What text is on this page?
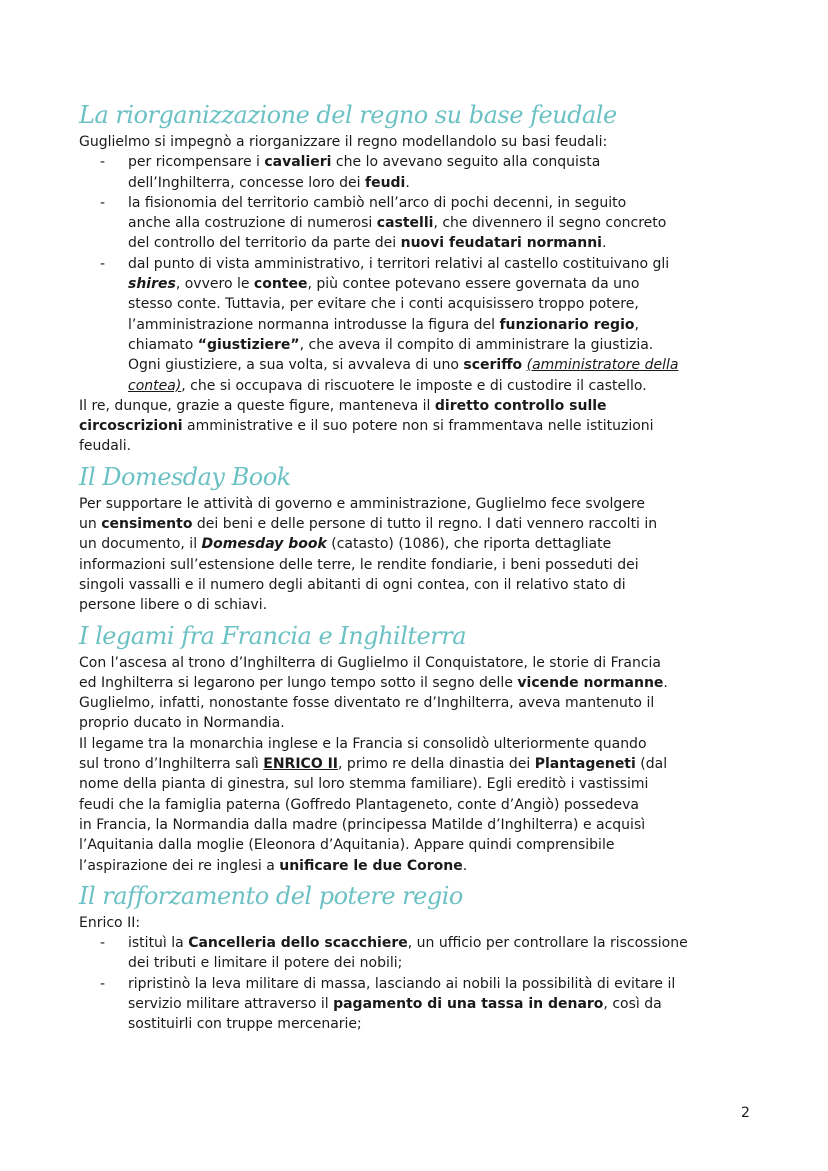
La riorganizzazione del regno su base feudale

Guglielmo si impegnò a riorganizzare il regno modellandolo su basi feudali:

- per ricompensare i cavalieri che lo avevano seguito alla conquista
dell’Inghilterra, concesse loro dei feudi.
- la fisionomia del territorio cambiò nell’arco di pochi decenni, in seguito
anche alla costruzione di numerosi castelli, che divennero il segno concreto
del controllo del territorio da parte dei nuovi feudatari normanni.
- dal punto di vista amministrativo, i territori relativi al castello costituivano gli
shires, ovvero le contee, più contee potevano essere governata da uno
stesso conte. Tuttavia, per evitare che i conti acquisissero troppo potere,
l’amministrazione normanna introdusse la figura del funzionario regio,
chiamato “giustiziere”, che aveva il compito di amministrare la giustizia.
Ogni giustiziere, a sua volta, si avvaleva di uno sceriffo (amministratore della
contea), che si occupava di riscuotere le imposte e di custodire il castello.

Il re, dunque, grazie a queste figure, manteneva il diretto controllo sulle
circoscrizioni amministrative e il suo potere non si frammentava nelle istituzioni
feudali.

Il Domesday Book

Per supportare le attività di governo e amministrazione, Guglielmo fece svolgere
un censimento dei beni e delle persone di tutto il regno. I dati vennero raccolti in
un documento, il Domesday book (catasto) (1086), che riporta dettagliate
informazioni sull’estensione delle terre, le rendite fondiarie, i beni posseduti dei
singoli vassalli e il numero degli abitanti di ogni contea, con il relativo stato di
persone libere o di schiavi.

I legami fra Francia e Inghilterra

Con l’ascesa al trono d’Inghilterra di Guglielmo il Conquistatore, le storie di Francia
ed Inghilterra si legarono per lungo tempo sotto il segno delle vicende normanne.
Guglielmo, infatti, nonostante fosse diventato re d’Inghilterra, aveva mantenuto il
proprio ducato in Normandia.
Il legame tra la monarchia inglese e la Francia si consolidò ulteriormente quando
sul trono d’Inghilterra salì ENRICO II, primo re della dinastia dei Plantageneti (dal
nome della pianta di ginestra, sul loro stemma familiare). Egli ereditò i vastissimi
feudi che la famiglia paterna (Goffredo Plantageneto, conte d’Angiò) possedeva
in Francia, la Normandia dalla madre (principessa Matilde d’Inghilterra) e acquisì
l’Aquitania dalla moglie (Eleonora d’Aquitania). Appare quindi comprensibile
l’aspirazione dei re inglesi a unificare le due Corone.

Il rafforzamento del potere regio

Enrico II:

- istituì la Cancelleria dello scacchiere, un ufficio per controllare la riscossione
dei tributi e limitare il potere dei nobili;
- ripristinò la leva militare di massa, lasciando ai nobili la possibilità di evitare il
servizio militare attraverso il pagamento di una tassa in denaro, così da
sostituirli con truppe mercenarie;
2
